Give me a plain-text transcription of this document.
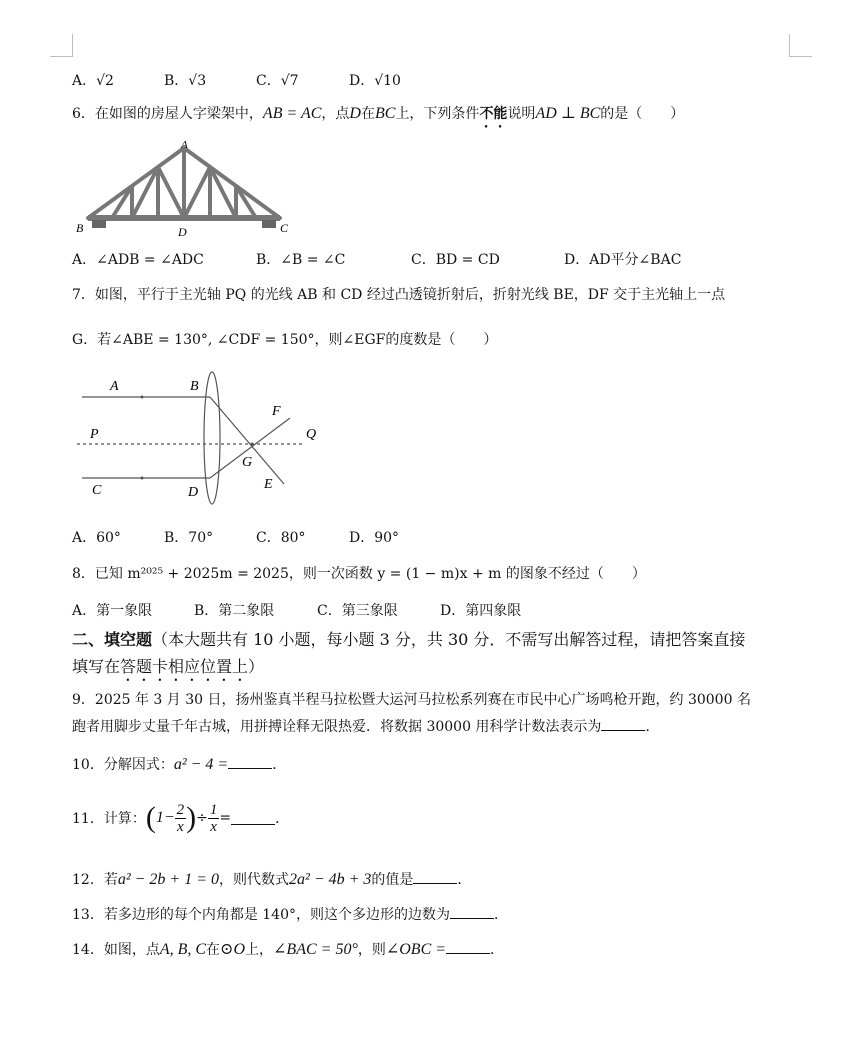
A．√2	B．√3	C．√7	D．√10
6．在如图的房屋人字梁架中，AB = AC，点D在BC上，下列条件不能说明AD ⊥ BC的是（　　）
A
B	C
D
A．∠ADB = ∠ADC	B．∠B = ∠C	C．BD = CD	D．AD平分∠BAC
7．如图，平行于主光轴 PQ 的光线 AB 和 CD 经过凸透镜折射后，折射光线 BE，DF 交于主光轴上一点
G．若∠ABE = 130°, ∠CDF = 150°，则∠EGF的度数是（　　）
A	B
C	D
P	Q
F
E
G
A．60°	B．70°	C．80°	D．90°
8．已知 m²⁰²⁵ + 2025m = 2025，则一次函数 y = (1 − m)x + m 的图象不经过（　　）
A．第一象限	B．第二象限	C．第三象限	D．第四象限
二、填空题（本大题共有 10 小题，每小题 3 分，共 30 分．不需写出解答过程，请把答案直接
填写在答题卡相应位置上）
9．2025 年 3 月 30 日，扬州鉴真半程马拉松暨大运河马拉松系列赛在市民中心广场鸣枪开跑，约 30000 名
跑者用脚步丈量千年古城，用拼搏诠释无限热爱．将数据 30000 用科学计数法表示为	．
10．分解因式：a² − 4 =	．
11．计算： ( $1- \frac{2}{x}$ ) ÷ $\frac{1}{x}$ =	．
12．若a² − 2b + 1 = 0，则代数式2a² − 4b + 3的值是	．
13．若多边形的每个内角都是 140°，则这个多边形的边数为	．
14．如图，点A, B, C在⊙O上，∠BAC = 50°，则∠OBC =	．
